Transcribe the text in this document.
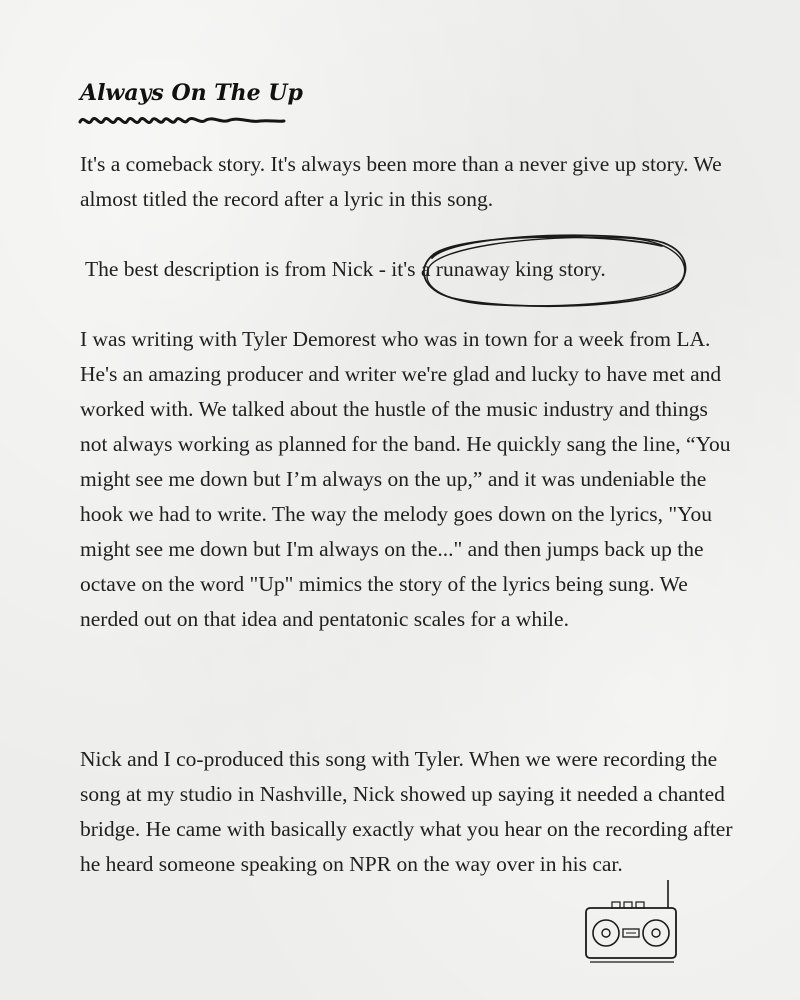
Always On The Up

It's a comeback story. It's always been more than a never give up story. We almost titled the record after a lyric in this song.

The best description is from Nick - it's a runaway king story.

I was writing with Tyler Demorest who was in town for a week from LA. He's an amazing producer and writer we're glad and lucky to have met and worked with. We talked about the hustle of the music industry and things not always working as planned for the band. He quickly sang the line, “You might see me down but I’m always on the up,” and it was undeniable the hook we had to write. The way the melody goes down on the lyrics, "You might see me down but I'm always on the..." and then jumps back up the octave on the word "Up" mimics the story of the lyrics being sung. We nerded out on that idea and pentatonic scales for a while.

Nick and I co-produced this song with Tyler. When we were recording the song at my studio in Nashville, Nick showed up saying it needed a chanted bridge. He came with basically exactly what you hear on the recording after he heard someone speaking on NPR on the way over in his car.
